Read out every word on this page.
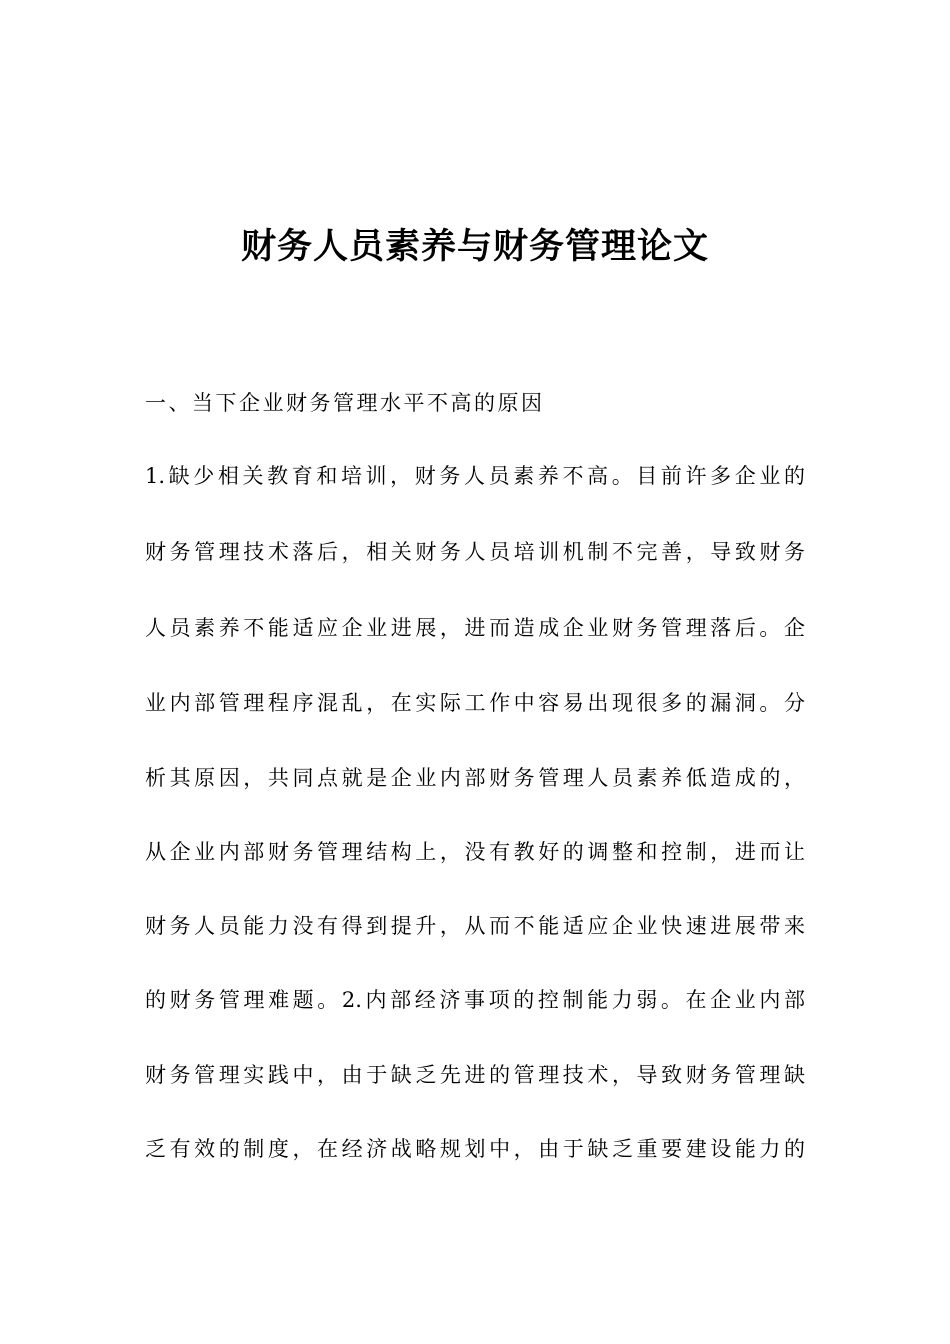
财务人员素养与财务管理论文

一、当下企业财务管理水平不高的原因

1.缺少相关教育和培训，财务人员素养不高。目前许多企业的

财务管理技术落后，相关财务人员培训机制不完善，导致财务

人员素养不能适应企业进展，进而造成企业财务管理落后。企

业内部管理程序混乱，在实际工作中容易出现很多的漏洞。分

析其原因，共同点就是企业内部财务管理人员素养低造成的，

从企业内部财务管理结构上，没有教好的调整和控制，进而让

财务人员能力没有得到提升，从而不能适应企业快速进展带来

的财务管理难题。2.内部经济事项的控制能力弱。在企业内部

财务管理实践中，由于缺乏先进的管理技术，导致财务管理缺

乏有效的制度，在经济战略规划中，由于缺乏重要建设能力的
